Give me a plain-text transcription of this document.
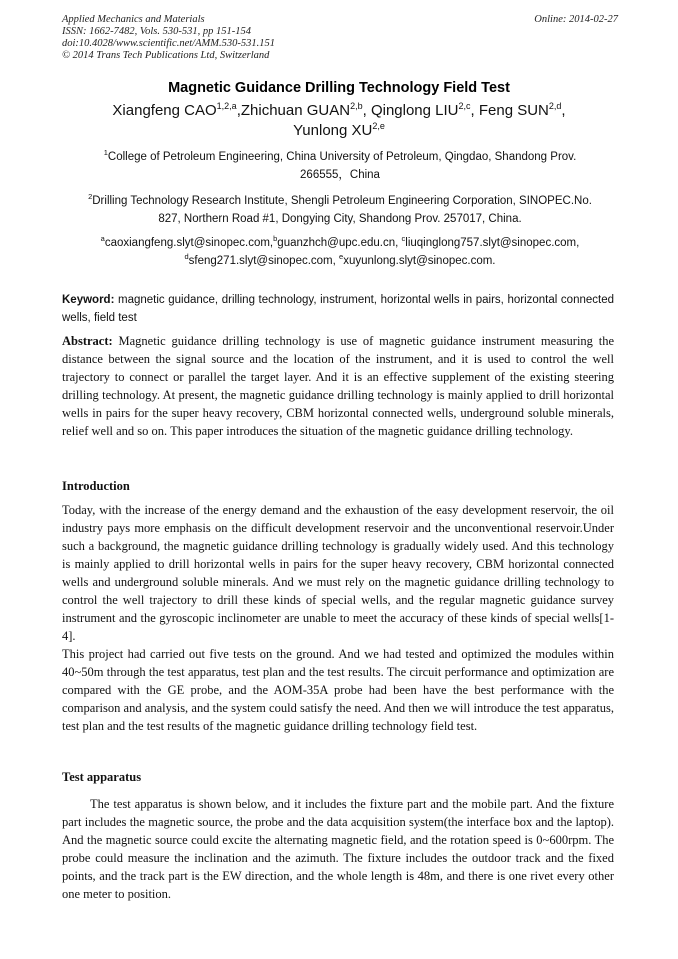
Applied Mechanics and Materials
ISSN: 1662-7482, Vols. 530-531, pp 151-154
doi:10.4028/www.scientific.net/AMM.530-531.151
© 2014 Trans Tech Publications Ltd, Switzerland
Online: 2014-02-27
Magnetic Guidance Drilling Technology Field Test
Xiangfeng CAO$^{1,2,a}$,Zhichuan GUAN$^{2,b}$, Qinglong LIU$^{2,c}$, Feng SUN$^{2,d}$,
Yunlong XU$^{2,e}$
$^1$College of Petroleum Engineering, China University of Petroleum, Qingdao, Shandong Prov.
266555，China
$^2$Drilling Technology Research Institute, Shengli Petroleum Engineering Corporation, SINOPEC.No.
827, Northern Road #1, Dongying City, Shandong Prov. 257017, China.
$^a$caoxiangfeng.slyt@sinopec.com,$^b$guanzhch@upc.edu.cn, $^c$liuqinglong757.slyt@sinopec.com,
$^d$sfeng271.slyt@sinopec.com, $^e$xuyunlong.slyt@sinopec.com.
Keyword: magnetic guidance, drilling technology, instrument, horizontal wells in pairs, horizontal connected wells, field test
Abstract: Magnetic guidance drilling technology is use of magnetic guidance instrument measuring the distance between the signal source and the location of the instrument, and it is used to control the well trajectory to connect or parallel the target layer. And it is an effective supplement of the existing steering drilling technology. At present, the magnetic guidance drilling technology is mainly applied to drill horizontal wells in pairs for the super heavy recovery, CBM horizontal connected wells, underground soluble minerals, relief well and so on. This paper introduces the situation of the magnetic guidance drilling technology.
Introduction
Today, with the increase of the energy demand and the exhaustion of the easy development reservoir, the oil industry pays more emphasis on the difficult development reservoir and the unconventional reservoir.Under such a background, the magnetic guidance drilling technology is gradually widely used. And this technology is mainly applied to drill horizontal wells in pairs for the super heavy recovery, CBM horizontal connected wells and underground soluble minerals. And we must rely on the magnetic guidance drilling technology to control the well trajectory to drill these kinds of special wells, and the regular magnetic guidance survey instrument and the gyroscopic inclinometer are unable to meet the accuracy of these kinds of special wells[1-4].
This project had carried out five tests on the ground. And we had tested and optimized the modules within 40~50m through the test apparatus, test plan and the test results. The circuit performance and optimization are compared with the GE probe, and the AOM-35A probe had been have the best performance with the comparison and analysis, and the system could satisfy the need. And then we will introduce the test apparatus, test plan and the test results of the magnetic guidance drilling technology field test.
Test apparatus
The test apparatus is shown below, and it includes the fixture part and the mobile part. And the fixture part includes the magnetic source, the probe and the data acquisition system(the interface box and the laptop). And the magnetic source could excite the alternating magnetic field, and the rotation speed is 0~600rpm. The probe could measure the inclination and the azimuth. The fixture includes the outdoor track and the fixed points, and the track part is the EW direction, and the whole length is 48m, and there is one rivet every other one meter to position.
